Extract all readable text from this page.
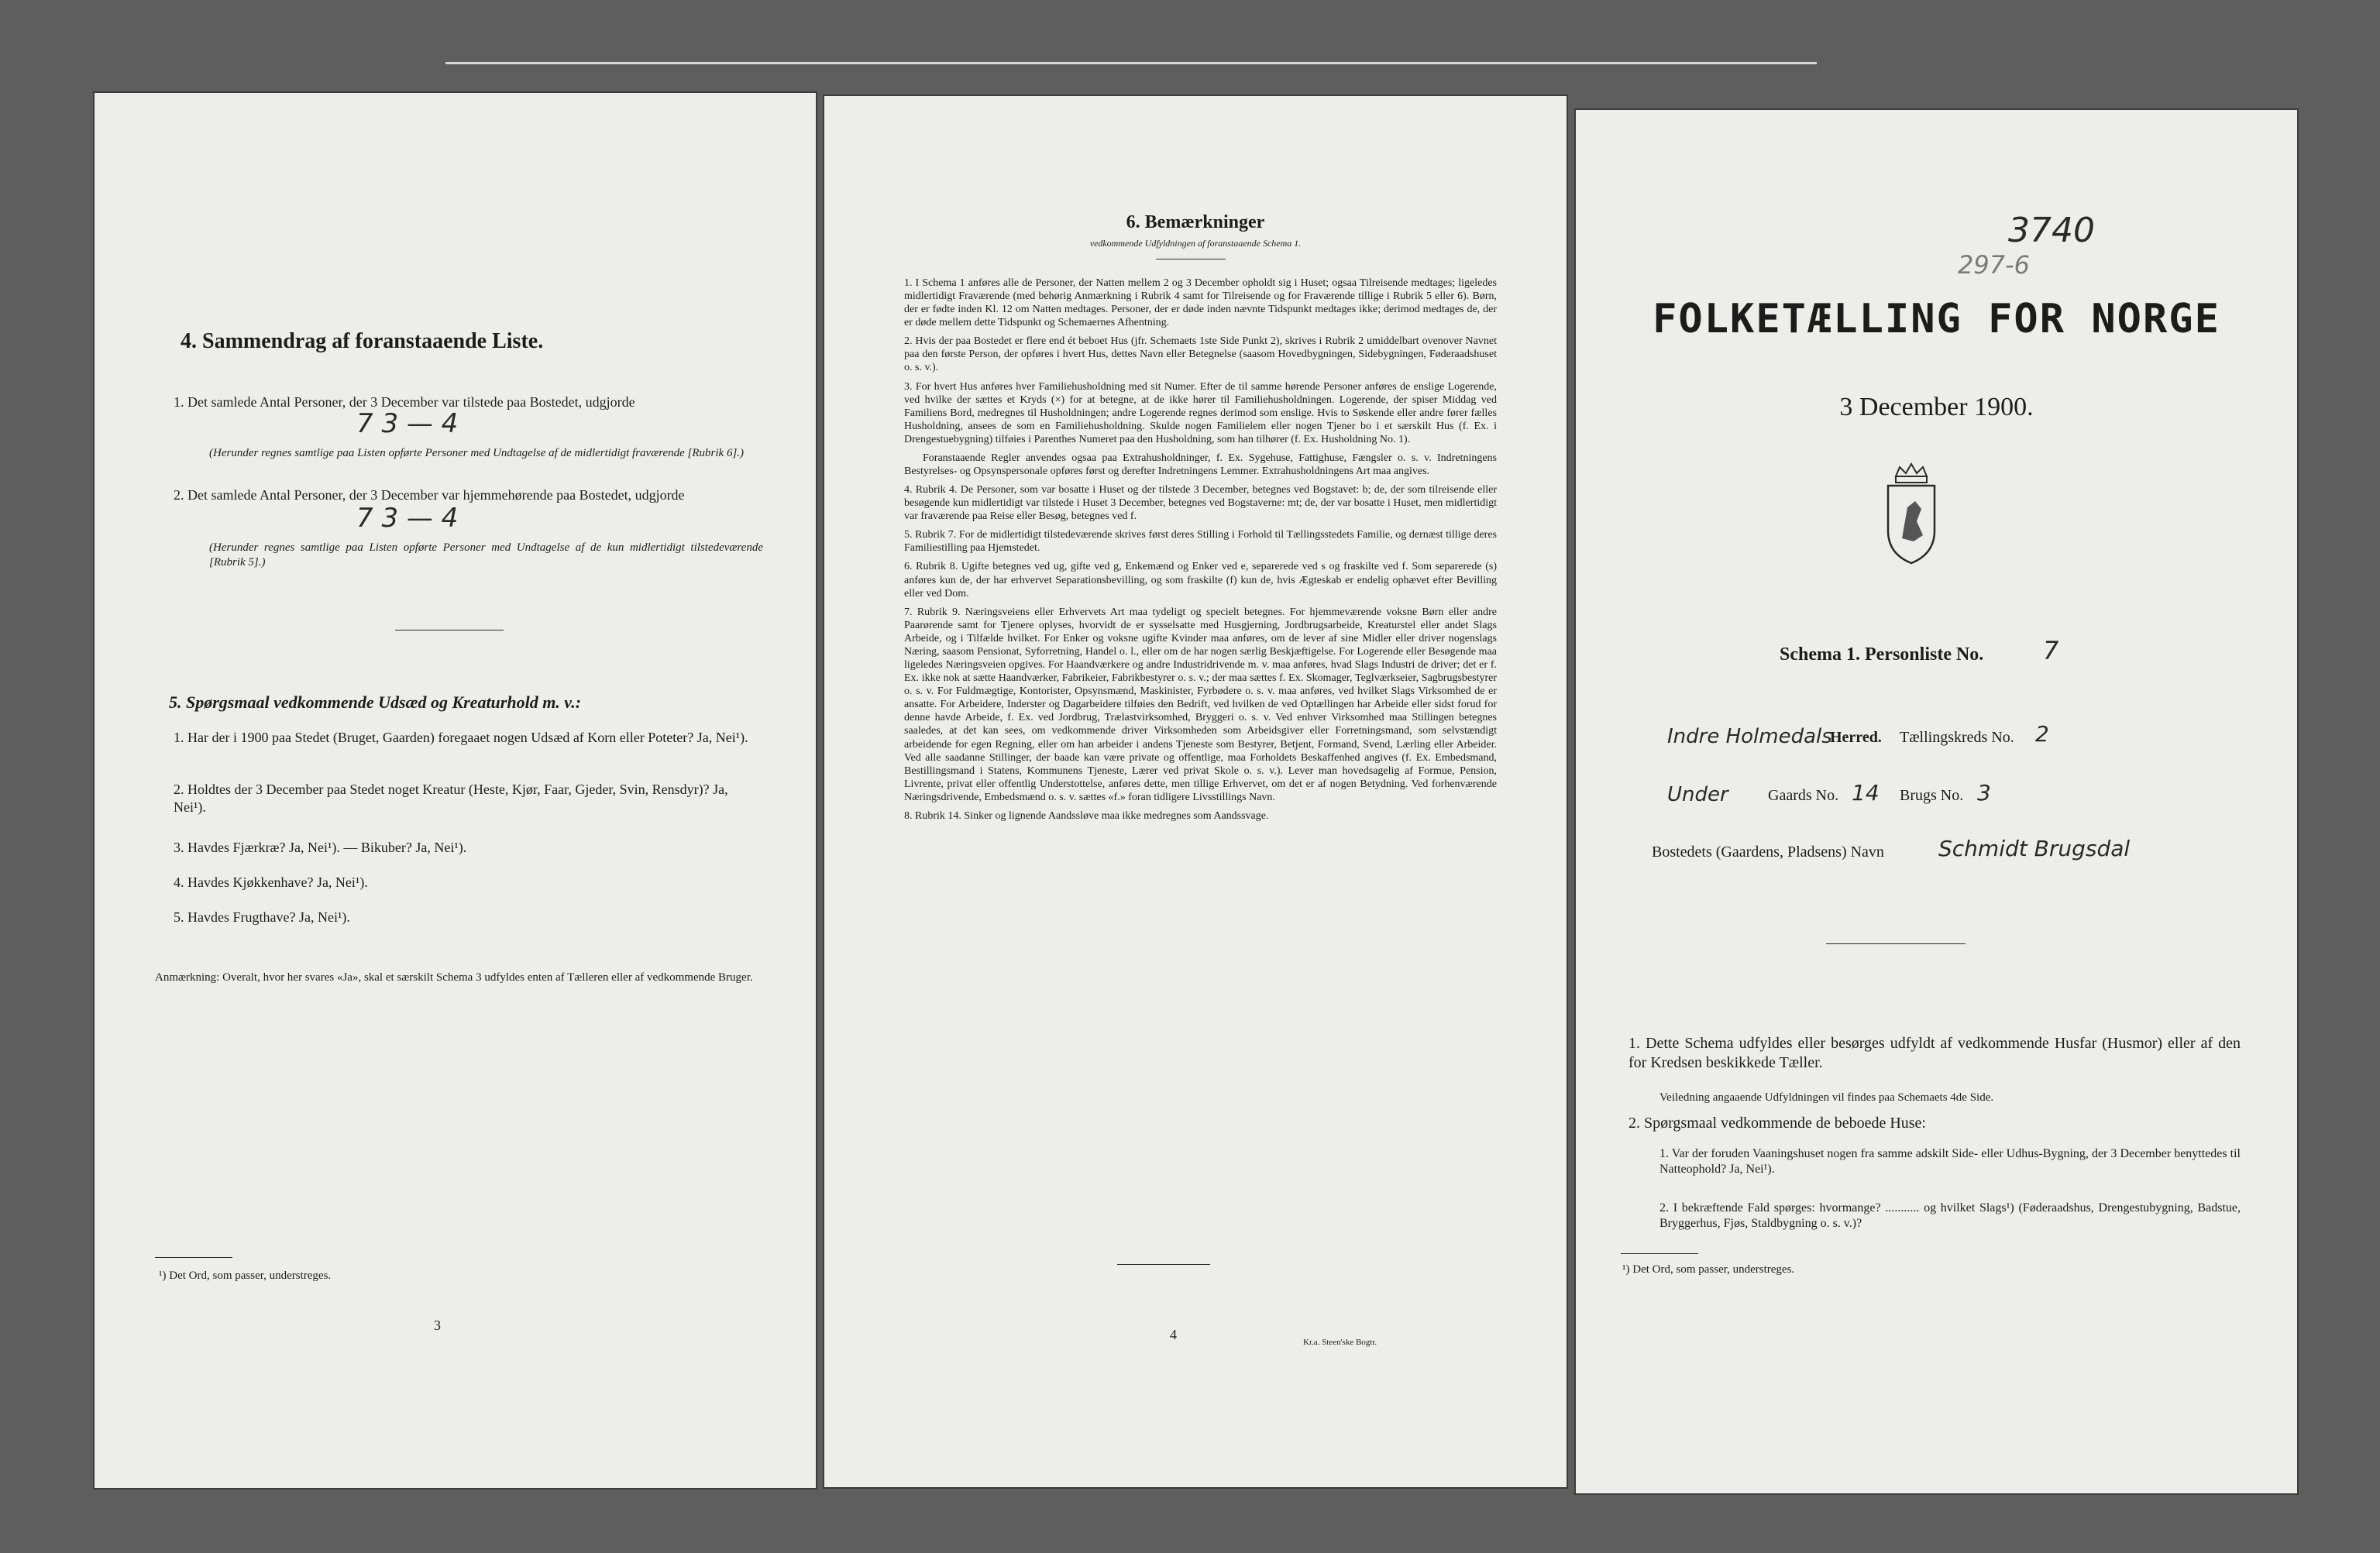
4. Sammendrag af foranstaaende Liste.

1. Det samlede Antal Personer, der 3 December var tilstede paa Bostedet, udgjorde

7 3 — 4

(Herunder regnes samtlige paa Listen opførte Personer med Undtagelse af de midlertidigt fraværende [Rubrik 6].)

2. Det samlede Antal Personer, der 3 December var hjemmehørende paa Bostedet, udgjorde

7 3 — 4

(Herunder regnes samtlige paa Listen opførte Personer med Undtagelse af de kun midlertidigt tilstedeværende [Rubrik 5].)

5. Spørgsmaal vedkommende Udsæd og Kreaturhold m. v.:

1. Har der i 1900 paa Stedet (Bruget, Gaarden) foregaaet nogen Udsæd af Korn eller Poteter? Ja, Nei¹).

2. Holdtes der 3 December paa Stedet noget Kreatur (Heste, Kjør, Faar, Gjeder, Svin, Rensdyr)? Ja, Nei¹).

3. Havdes Fjærkræ? Ja, Nei¹). — Bikuber? Ja, Nei¹).

4. Havdes Kjøkkenhave? Ja, Nei¹).

5. Havdes Frugthave? Ja, Nei¹).

Anmærkning: Overalt, hvor her svares «Ja», skal et særskilt Schema 3 udfyldes enten af Tælleren eller af vedkommende Bruger.

¹) Det Ord, som passer, understreges.

3

6. Bemærkninger

vedkommende Udfyldningen af foranstaaende Schema 1.

1. I Schema 1 anføres alle de Personer, der Natten mellem 2 og 3 December opholdt sig i Huset; ogsaa Tilreisende medtages; ligeledes midlertidigt Fraværende (med behørig Anmærkning i Rubrik 4 samt for Tilreisende og for Fraværende tillige i Rubrik 5 eller 6). Børn, der er fødte inden Kl. 12 om Natten medtages. Personer, der er døde inden nævnte Tidspunkt medtages ikke; derimod medtages de, der er døde mellem dette Tidspunkt og Schemaernes Afhentning.

2. Hvis der paa Bostedet er flere end ét beboet Hus (jfr. Schemaets 1ste Side Punkt 2), skrives i Rubrik 2 umiddelbart ovenover Navnet paa den første Person, der opføres i hvert Hus, dettes Navn eller Betegnelse (saasom Hovedbygningen, Sidebygningen, Føderaadshuset o. s. v.).

3. For hvert Hus anføres hver Familiehusholdning med sit Numer. Efter de til samme hørende Personer anføres de enslige Logerende, ved hvilke der sættes et Kryds (×) for at betegne, at de ikke hører til Familiehusholdningen. Logerende, der spiser Middag ved Familiens Bord, medregnes til Husholdningen; andre Logerende regnes derimod som enslige. Hvis to Søskende eller andre fører fælles Husholdning, ansees de som en Familiehusholdning. Skulde nogen Familielem eller nogen Tjener bo i et særskilt Hus (f. Ex. i Drengestuebygning) tilføies i Parenthes Numeret paa den Husholdning, som han tilhører (f. Ex. Husholdning No. 1).

Foranstaaende Regler anvendes ogsaa paa Extrahusholdninger, f. Ex. Sygehuse, Fattighuse, Fængsler o. s. v. Indretningens Bestyrelses- og Opsynspersonale opføres først og derefter Indretningens Lemmer. Extrahusholdningens Art maa angives.

4. Rubrik 4. De Personer, som var bosatte i Huset og der tilstede 3 December, betegnes ved Bogstavet: b; de, der som tilreisende eller besøgende kun midlertidigt var tilstede i Huset 3 December, betegnes ved Bogstaverne: mt; de, der var bosatte i Huset, men midlertidigt var fraværende paa Reise eller Besøg, betegnes ved f.

5. Rubrik 7. For de midlertidigt tilstedeværende skrives først deres Stilling i Forhold til Tællingsstedets Familie, og dernæst tillige deres Familiestilling paa Hjemstedet.

6. Rubrik 8. Ugifte betegnes ved ug, gifte ved g, Enkemænd og Enker ved e, separerede ved s og fraskilte ved f. Som separerede (s) anføres kun de, der har erhvervet Separationsbevilling, og som fraskilte (f) kun de, hvis Ægteskab er endelig ophævet efter Bevilling eller ved Dom.

7. Rubrik 9. Næringsveiens eller Erhvervets Art maa tydeligt og specielt betegnes. For hjemmeværende voksne Børn eller andre Paarørende samt for Tjenere oplyses, hvorvidt de er sysselsatte med Husgjerning, Jordbrugsarbeide, Kreaturstel eller andet Slags Arbeide, og i Tilfælde hvilket. For Enker og voksne ugifte Kvinder maa anføres, om de lever af sine Midler eller driver nogenslags Næring, saasom Pensionat, Syforretning, Handel o. l., eller om de har nogen særlig Beskjæftigelse. For Logerende eller Besøgende maa ligeledes Næringsveien opgives. For Haandværkere og andre Industridrivende m. v. maa anføres, hvad Slags Industri de driver; det er f. Ex. ikke nok at sætte Haandværker, Fabrikeier, Fabrikbestyrer o. s. v.; der maa sættes f. Ex. Skomager, Teglværkseier, Sagbrugsbestyrer o. s. v. For Fuldmægtige, Kontorister, Opsynsmænd, Maskinister, Fyrbødere o. s. v. maa anføres, ved hvilket Slags Virksomhed de er ansatte. For Arbeidere, Inderster og Dagarbeidere tilføies den Bedrift, ved hvilken de ved Optællingen har Arbeide eller sidst forud for denne havde Arbeide, f. Ex. ved Jordbrug, Trælastvirksomhed, Bryggeri o. s. v. Ved enhver Virksomhed maa Stillingen betegnes saaledes, at det kan sees, om vedkommende driver Virksomheden som Arbeidsgiver eller Forretningsmand, som selvstændigt arbeidende for egen Regning, eller om han arbeider i andens Tjeneste som Bestyrer, Betjent, Formand, Svend, Lærling eller Arbeider. Ved alle saadanne Stillinger, der baade kan være private og offentlige, maa Forholdets Beskaffenhed angives (f. Ex. Embedsmand, Bestillingsmand i Statens, Kommunens Tjeneste, Lærer ved privat Skole o. s. v.). Lever man hovedsagelig af Formue, Pension, Livrente, privat eller offentlig Understottelse, anføres dette, men tillige Erhvervet, om det er af nogen Betydning. Ved forhenværende Næringsdrivende, Embedsmænd o. s. v. sættes «f.» foran tidligere Livsstillings Navn.

8. Rubrik 14. Sinker og lignende Aandssløve maa ikke medregnes som Aandssvage.

4	Kr.a. Steen'ske Bogtr.

3740

297-6

FOLKETÆLLING FOR NORGE

3 December 1900.

Schema 1. Personliste No. 7

Indre Holmedals

Herred. Tællingskreds No. 2

Under	Gaards No. 14 Brugs No. 3

Bostedets (Gaardens, Pladsens) Navn	Schmidt Brugsdal

1. Dette Schema udfyldes eller besørges udfyldt af vedkommende Husfar (Husmor) eller af den for Kredsen beskikkede Tæller.

Veiledning angaaende Udfyldningen vil findes paa Schemaets 4de Side.

2. Spørgsmaal vedkommende de beboede Huse:

1. Var der foruden Vaaningshuset nogen fra samme adskilt Side- eller Udhus-Bygning, der 3 December benyttedes til Natteophold? Ja, Nei¹).

2. I bekræftende Fald spørges: hvormange? ........... og hvilket Slags¹) (Føderaadshus, Drengestubygning, Badstue, Bryggerhus, Fjøs, Staldbygning o. s. v.)?

¹) Det Ord, som passer, understreges.
